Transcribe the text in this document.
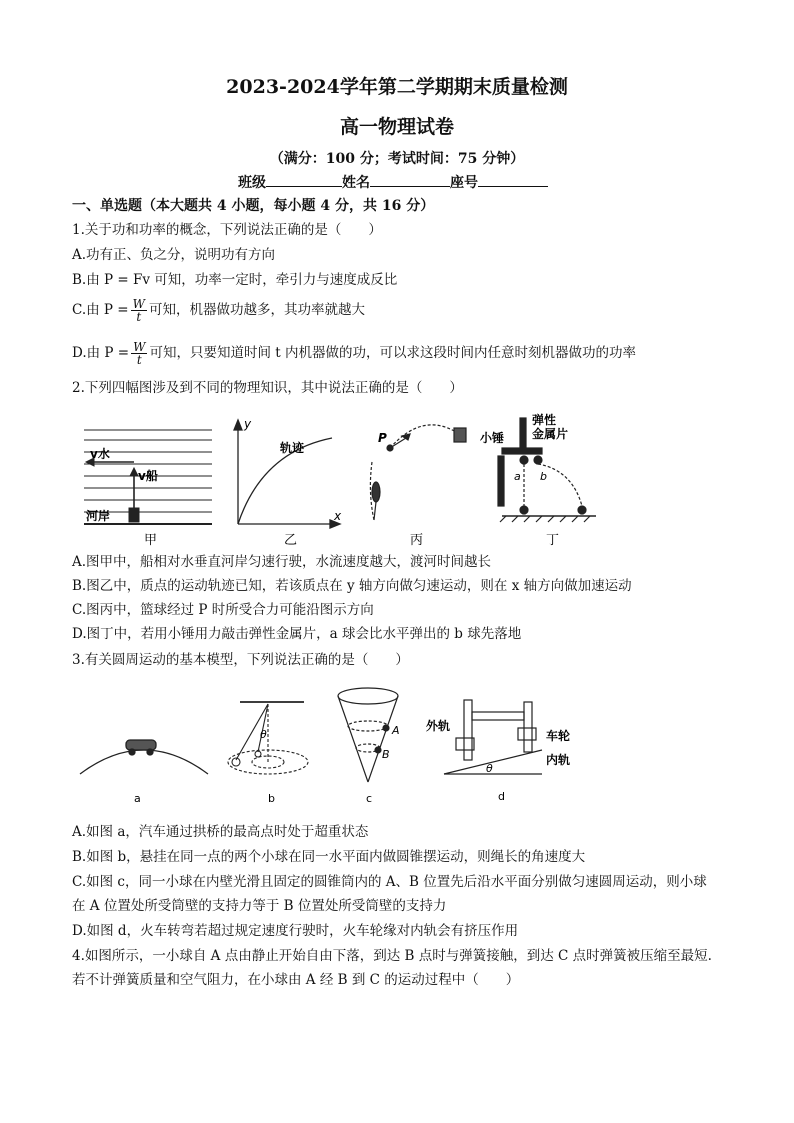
2023-2024学年第二学期期末质量检测
高一物理试卷
（满分：100 分；考试时间：75 分钟）
班级	姓名	座号
一、单选题（本大题共 4 小题，每小题 4 分，共 16 分）
1.关于功和功率的概念，下列说法正确的是（　　）
A.功有正、负之分，说明功有方向
B.由 P = Fv 可知，功率一定时，牵引力与速度成反比
C.由 $P = \frac{W}{t}$ 可知，机器做功越多，其功率就越大
D.由 $P = \frac{W}{t}$ 可知，只要知道时间 t 内机器做的功，可以求这段时间内任意时刻机器做功的功率
2.下列四幅图涉及到不同的物理知识，其中说法正确的是（　　）
v水
v船
河岸
甲
y
x
轨迹
乙
P
丙
小锤
弹性
金属片
a b
丁
A.图甲中，船相对水垂直河岸匀速行驶，水流速度越大，渡河时间越长
B.图乙中，质点的运动轨迹已知，若该质点在 y 轴方向做匀速运动，则在 x 轴方向做加速运动
C.图丙中，篮球经过 P 时所受合力可能沿图示方向
D.图丁中，若用小锤用力敲击弹性金属片，a 球会比水平弹出的 b 球先落地
3.有关圆周运动的基本模型，下列说法正确的是（　　）
a
θ
b
A
B
c
外轨
车轮
内轨
θ
d
A.如图 a，汽车通过拱桥的最高点时处于超重状态
B.如图 b，悬挂在同一点的两个小球在同一水平面内做圆锥摆运动，则绳长的角速度大
C.如图 c，同一小球在内壁光滑且固定的圆锥筒内的 A、B 位置先后沿水平面分别做匀速圆周运动，则小球
在 A 位置处所受筒壁的支持力等于 B 位置处所受筒壁的支持力
D.如图 d，火车转弯若超过规定速度行驶时，火车轮缘对内轨会有挤压作用
4.如图所示，一小球自 A 点由静止开始自由下落，到达 B 点时与弹簧接触，到达 C 点时弹簧被压缩至最短.
若不计弹簧质量和空气阻力，在小球由 A 经 B 到 C 的运动过程中（　　）
